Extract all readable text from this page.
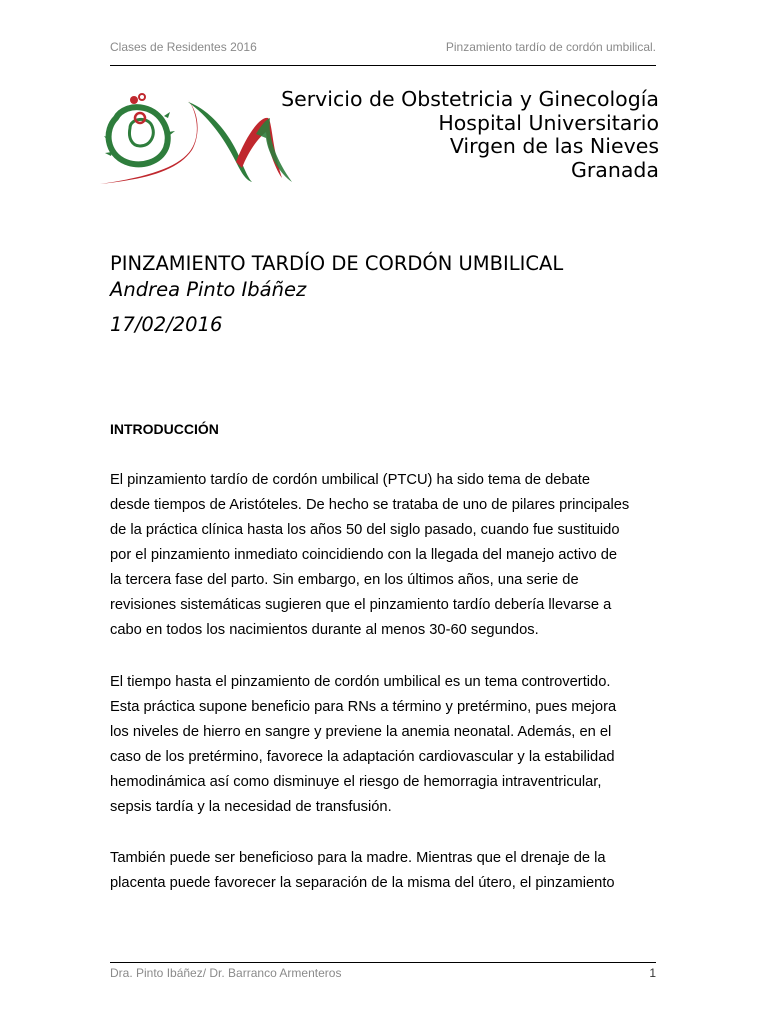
Clases de Residentes 2016	Pinzamiento tardío de cordón umbilical.
Servicio de Obstetricia y Ginecología
Hospital Universitario
Virgen de las Nieves
Granada
PINZAMIENTO TARDÍO DE CORDÓN UMBILICAL
Andrea Pinto Ibáñez
17/02/2016
INTRODUCCIÓN
El pinzamiento tardío de cordón umbilical (PTCU) ha sido tema de debate
desde tiempos de Aristóteles. De hecho se trataba de uno de pilares principales
de la práctica clínica hasta los años 50 del siglo pasado, cuando fue sustituido
por el pinzamiento inmediato coincidiendo con la llegada del manejo activo de
la tercera fase del parto. Sin embargo, en los últimos años, una serie de
revisiones sistemáticas sugieren que el pinzamiento tardío debería llevarse a
cabo en todos los nacimientos durante al menos 30-60 segundos.
El tiempo hasta el pinzamiento de cordón umbilical es un tema controvertido.
Esta práctica supone beneficio para RNs a término y pretérmino, pues mejora
los niveles de hierro en sangre y previene la anemia neonatal. Además, en el
caso de los pretérmino, favorece la adaptación cardiovascular y la estabilidad
hemodinámica así como disminuye el riesgo de hemorragia intraventricular,
sepsis tardía y la necesidad de transfusión.
También puede ser beneficioso para la madre. Mientras que el drenaje de la
placenta puede favorecer la separación de la misma del útero, el pinzamiento
Dra. Pinto Ibáñez/ Dr. Barranco Armenteros	1
